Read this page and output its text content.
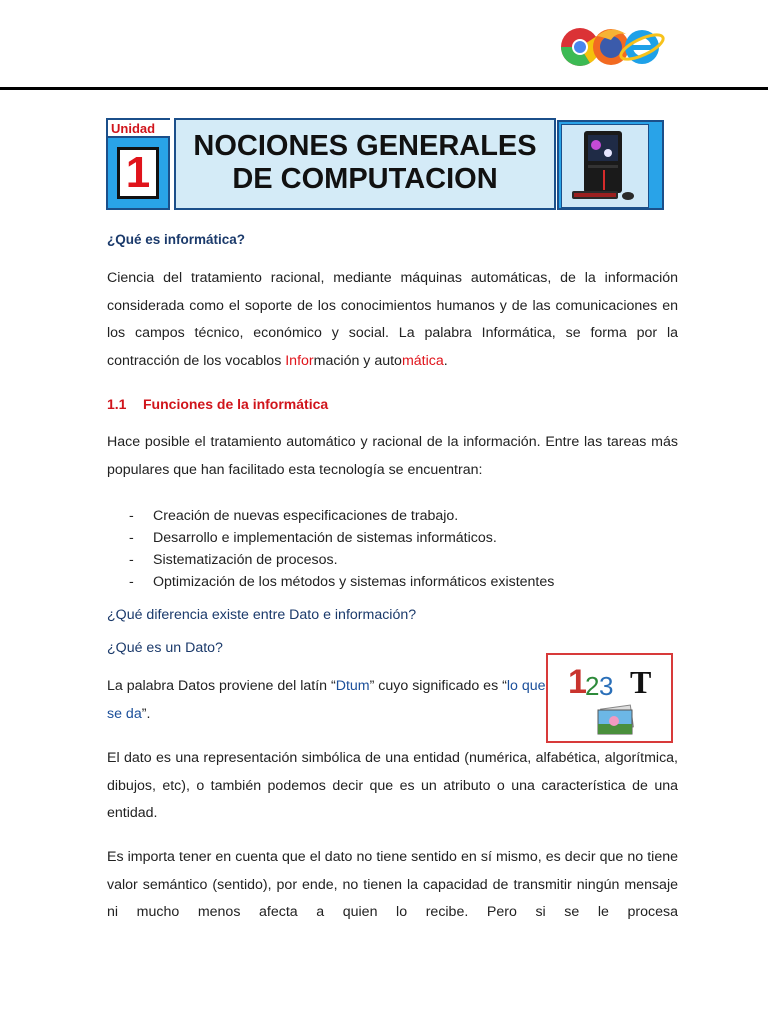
Unidad
1
NOCIONES GENERALES
DE COMPUTACION
¿Qué es informática?
Ciencia del tratamiento racional, mediante máquinas automáticas, de la información considerada como el soporte de los conocimientos humanos y de las comunicaciones en los campos técnico, económico y social. La palabra Informática, se forma por la contracción de los vocablos Información y automática.
1.1 Funciones de la informática
Hace posible el tratamiento automático y racional de la información. Entre las tareas más populares que han facilitado esta tecnología se encuentran:
- Creación de nuevas especificaciones de trabajo.
- Desarrollo e implementación de sistemas informáticos.
- Sistematización de procesos.
- Optimización de los métodos y sistemas informáticos existentes
¿Qué diferencia existe entre Dato e información?
¿Qué es un Dato?
La palabra Datos proviene del latín “Dtum” cuyo significado es “lo que se da”.
1
2 3 T
El dato es una representación simbólica de una entidad (numérica, alfabética, algorítmica, dibujos, etc), o también podemos decir que es un atributo o una característica de una entidad.
Es importa tener en cuenta que el dato no tiene sentido en sí mismo, es decir que no tiene valor semántico (sentido), por ende, no tienen la capacidad de transmitir ningún mensaje ni mucho menos afecta a quien lo recibe. Pero si se le procesa
